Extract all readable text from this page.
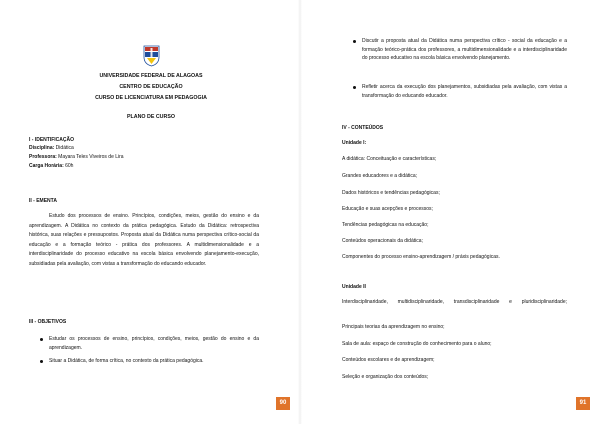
UNIVERSIDADE FEDERAL DE ALAGOAS
CENTRO DE EDUCAÇÃO
CURSO DE LICENCIATURA EM PEDAGOGIA
PLANO DE CURSO
I - IDENTIFICAÇÃO
Disciplina: Didática
Professora: Mayara Teles Viveiros de Lira
Carga Horária: 60h
II - EMENTA
Estudo dos processos de ensino. Princípios, condições, meios, gestão do ensino e da aprendizagem. A Didática no contexto da prática pedagógica. Estudo da Didática: retrospectiva histórica, suas relações e pressupostos. Proposta atual da Didática numa perspectiva crítico-social da educação e a formação teórico - prática dos professores. A multidimensionalidade e a interdisciplinaridade do processo educativo na escola básica envolvendo planejamento-execução, subsidiadas pela avaliação, com vistas a transformação do educando educador.
III - OBJETIVOS
Estudar os processos de ensino, princípios, condições, meios, gestão do ensino e da aprendizagem.
Situar a Didática, de forma crítica, no contexto da prática pedagógica.
90
Discutir a proposta atual da Didática numa perspectiva crítico - social da educação e a formação teórico-prática dos professores, a multidimensionalidade e a interdisciplinaridade do processo educativo na escola básica envolvendo planejamento.
Refletir acerca da execução dos planejamentos, subsidiadas pela avaliação, com vistas a transformação do educando educador.
IV - CONTEÚDOS
Unidade I:
A didática: Conceituação e características;
Grandes educadores e a didática;
Dados históricos e tendências pedagógicas;
Educação e suas acepções e processos;
Tendências pedagógicas na educação;
Conteúdos operacionais da didática;
Componentes do processo ensino-aprendizagem / práxis pedagógicas.
Unidade II
Interdisciplinaridade, multidisciplinaridade, transdisciplinaridade e pluridisciplinaridade;
Principais teorias da aprendizagem no ensino;
Sala de aula: espaço de construção do conhecimento para o aluno;
Conteúdos escolares e de aprendizagem;
Seleção e organização dos conteúdos;
91
